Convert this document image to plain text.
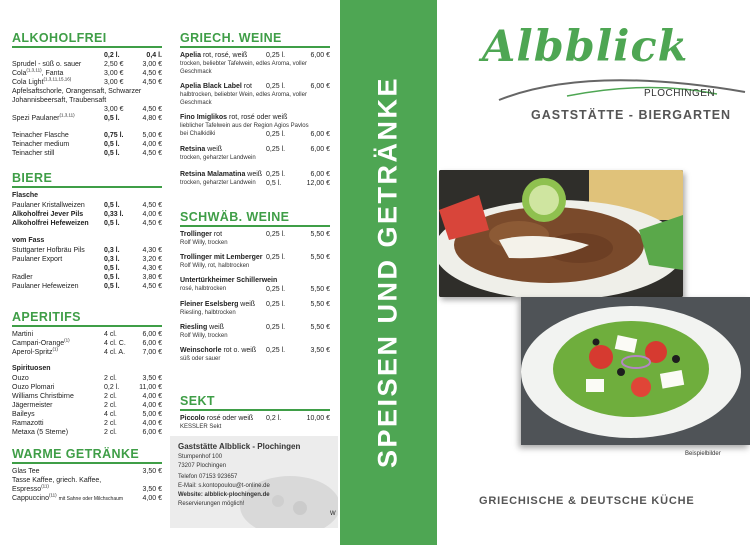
ALKOHOLFREI
0,2 l.	0,4 l.
Sprudel - süß o. sauer	2,50 €	3,00 €
Cola$^{(1,3,11)}$, Fanta	3,00 €	4,50 €
Cola Light$^{(1,3,11,15,16)}$	3,00 €	4,50 €
Apfelsaftschorle, Orangensaft, Schwarzer
Johannisbeersaft, Traubensaft
3,00 €	4,50 €
Spezi Paulaner$^{(1,3,11)}$	0,5 l.	4,80 €
Teinacher Flasche	0,75 l.	5,00 €
Teinacher medium	0,5 l.	4,00 €
Teinacher still	0,5 l.	4,50 €
BIERE
Flasche
Paulaner Kristallweizen	0,5 l.	4,50 €
Alkoholfrei Jever Pils	0,33 l.	4,00 €
Alkoholfrei Hefeweizen 0,5 l.	4,50 €
vom Fass
Stuttgarter Hofbräu Pils	0,3 l.	4,30 €
Paulaner Export	0,3 l.	3,20 €
0,5 l.	4,30 €
Radler	0,5 l.	3,80 €
Paulaner Hefeweizen	0,5 l.	4,50 €
APERITIFS
Martini	4 cl.	6,00 €
Campari-Orange$^{(1)}$	4 cl. C. 6,00 €
Aperol-Spritz$^{(1)}$	4 cl. A.	7,00 €
Spirituosen
Ouzo	2 cl.	3,50 €
Ouzo Plomari	0,2 l.	11,00 €
Williams Christbirne	2 cl.	4,00 €
Jägermeister	2 cl.	4,00 €
Baileys	4 cl.	5,00 €
Ramazotti	2 cl.	4,00 €
Metaxa (5 Sterne)	2 cl.	6,00 €
WARME GETRÄNKE
Glas Tee	3,50 €
Tasse Kaffee, griech. Kaffee,
Espresso$^{(11)}$	3,50 €
Cappuccino$^{(11)}$ mit Sahne oder Milchschaum	4,00 €
GRIECH. WEINE
Apelia rot, rosé, weiß	0,25 l.	6,00 €
trocken, beliebter Tafelwein, edles Aroma, voller
Geschmack
Apelia Black Label rot 0,25 l.	6,00 €
halbtrocken, beliebter Wein, edles Aroma, voller
Geschmack
Fino Imiglikos rot, rosé oder weiß
lieblicher Tafelwein aus der Region Agios Pavlos
bei Chalkidiki	0,25 l.	6,00 €
Retsina weiß	0,25 l.	6,00 €
trocken, geharzter Landwein
Retsina Malamatina weiß 0,25 l.	6,00 €
trocken, geharzter Landwein 0,5 l.	12,00 €
SCHWÄB. WEINE
Trollinger rot	0,25 l.	5,50 €
Rolf Willy, trocken
Trollinger mit Lemberger 0,25 l.	5,50 €
Rolf Willy, rot, halbtrocken
Untertürkheimer Schillerwein
rosé, halbtrocken	0,25 l.	5,50 €
Fleiner Eselsberg weiß 0,25 l.	5,50 €
Riesling, halbtrocken
Riesling weiß	0,25 l.	5,50 €
Rolf Willy, trocken
Weinschorle rot o. weiß 0,25 l.	3,50 €
süß oder sauer
SEKT
Piccolo rosé oder weiß 0,2 l.	10,00 €
KESSLER Sekt
Gaststätte Albblick - Plochingen
Stumpenhof 100
73207 Plochingen
Telefon 07153 923657
E-Mail: s.kontopoulou@t-online.de
Website: albblick-plochingen.de
Reservierungen möglich!
W
SPEISEN UND GETRÄNKE
Albblick
PLOCHINGEN
GASTSTÄTTE - BIERGARTEN
Beispielbilder
GRIECHISCHE & DEUTSCHE KÜCHE
